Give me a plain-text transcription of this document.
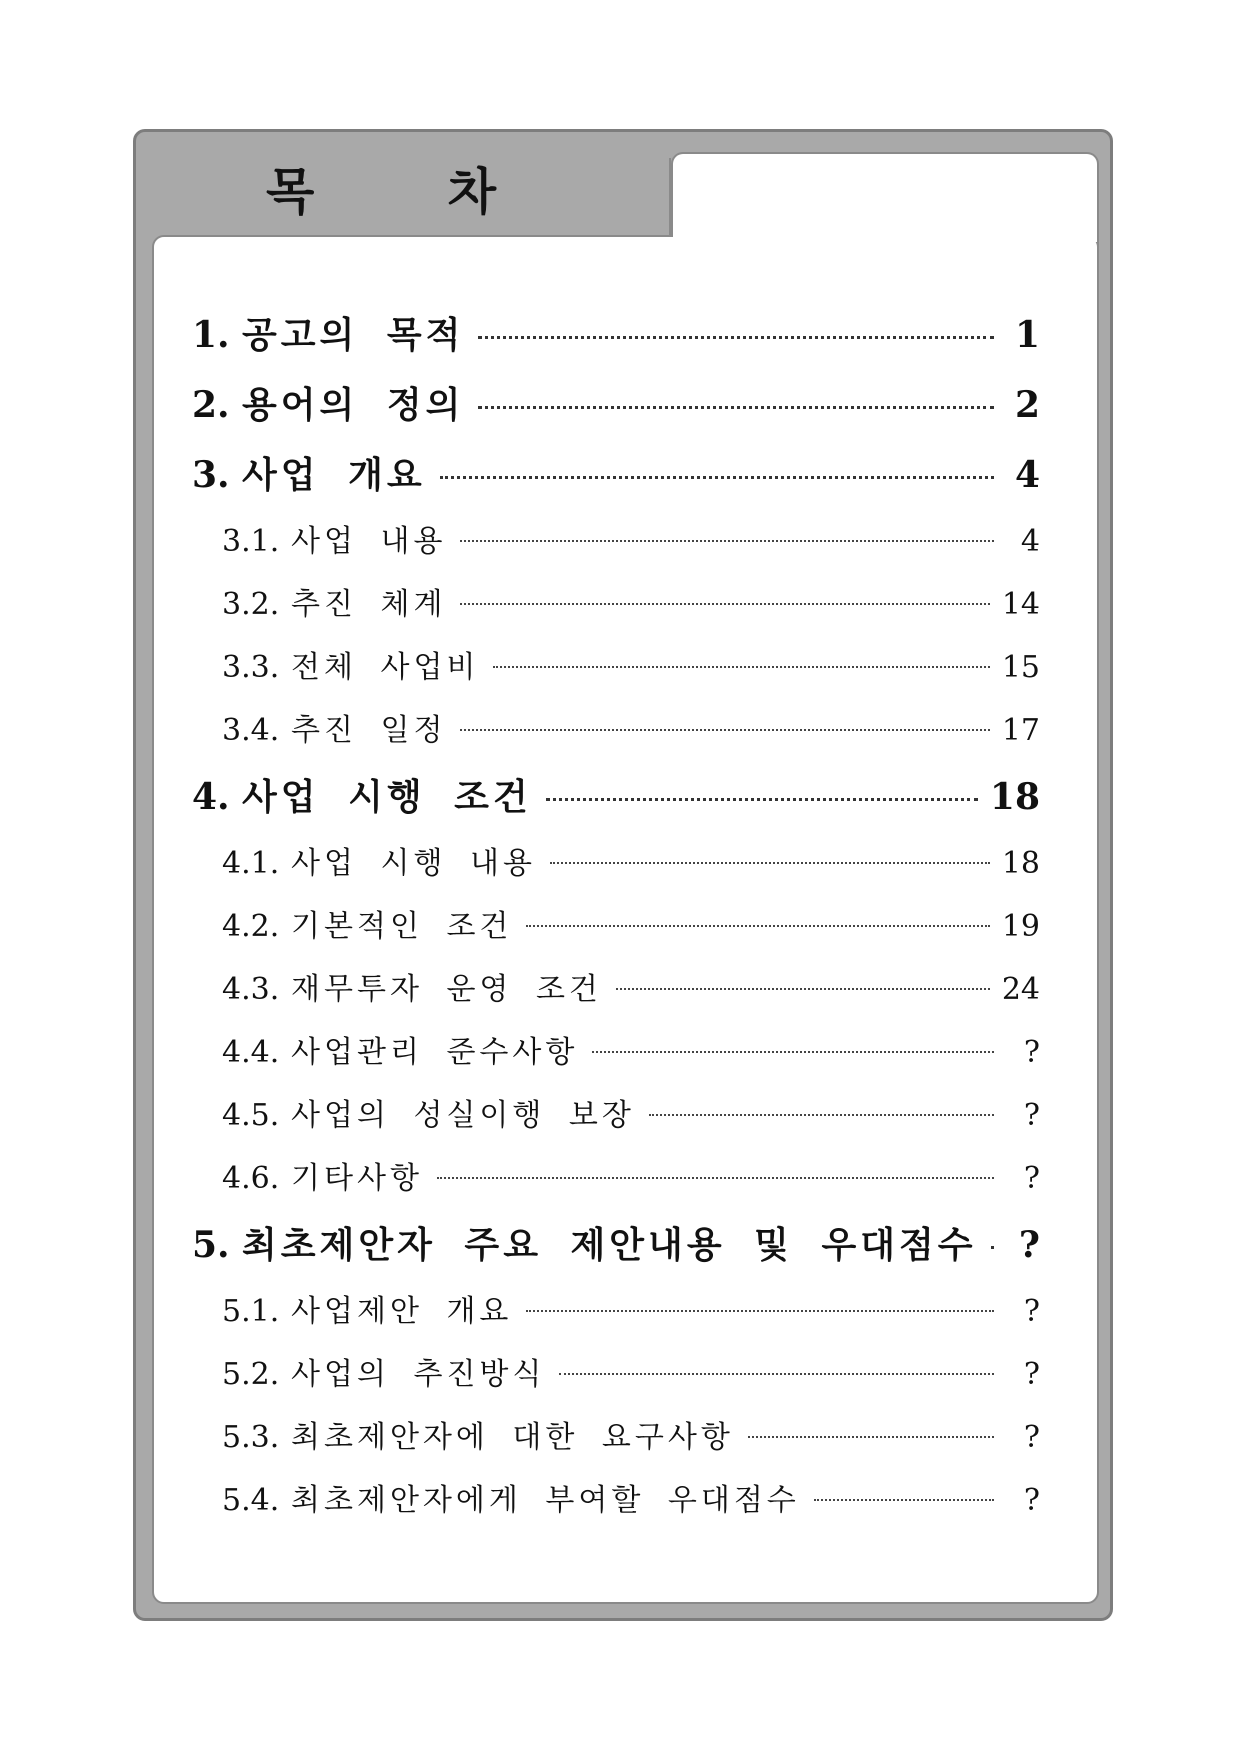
목 차
1. 공고의 목적	1
2. 용어의 정의	2
3. 사업 개요	4
3.1. 사업 내용	4
3.2. 추진 체계	14
3.3. 전체 사업비	15
3.4. 추진 일정	17
4. 사업 시행 조건	18
4.1. 사업 시행 내용	18
4.2. 기본적인 조건	19
4.3. 재무투자 운영 조건	24
4.4. 사업관리 준수사항	?
4.5. 사업의 성실이행 보장	?
4.6. 기타사항	?
5. 최초제안자 주요 제안내용 및 우대점수	?
5.1. 사업제안 개요	?
5.2. 사업의 추진방식	?
5.3. 최초제안자에 대한 요구사항	?
5.4. 최초제안자에게 부여할 우대점수	?
